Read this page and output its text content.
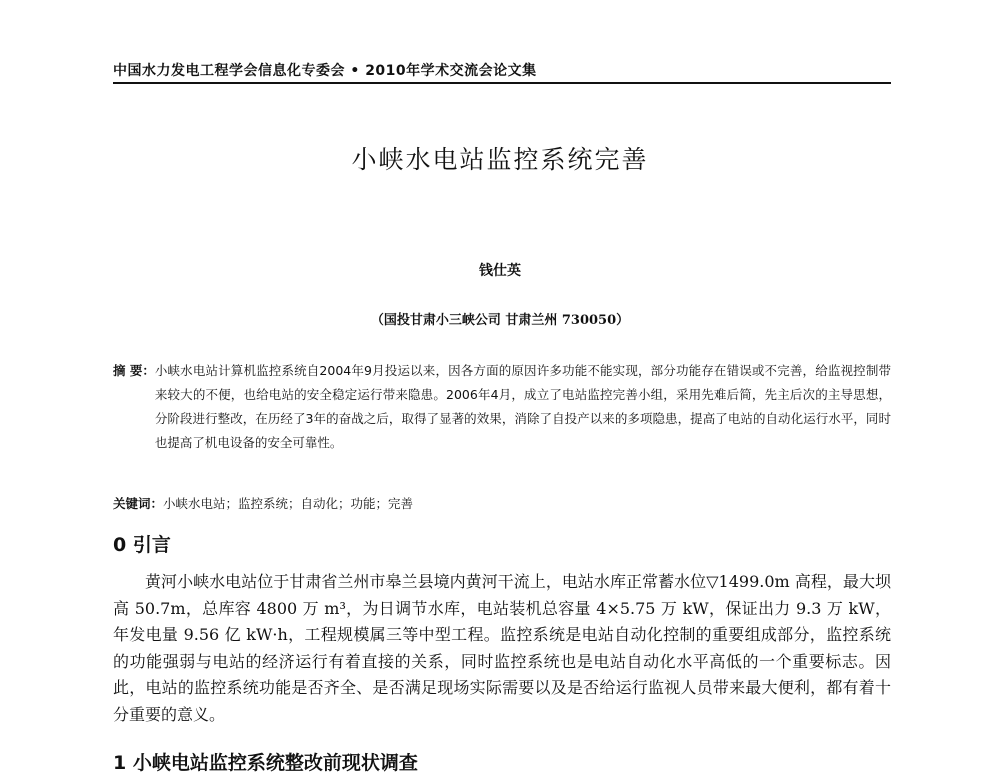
中国水力发电工程学会信息化专委会 • 2010年学术交流会论文集
小峡水电站监控系统完善
钱仕英
（国投甘肃小三峡公司 甘肃兰州 730050）
摘 要： 小峡水电站计算机监控系统自2004年9月投运以来，因各方面的原因许多功能不能实现，部分功能存在错误或不完善，给监视控制带来较大的不便，也给电站的安全稳定运行带来隐患。2006年4月，成立了电站监控完善小组，采用先难后简，先主后次的主导思想，分阶段进行整改，在历经了3年的奋战之后，取得了显著的效果，消除了自投产以来的多项隐患，提高了电站的自动化运行水平，同时也提高了机电设备的安全可靠性。
关键词：小峡水电站；监控系统；自动化；功能；完善
0 引言
黄河小峡水电站位于甘肃省兰州市皋兰县境内黄河干流上，电站水库正常蓄水位▽1499.0m 高程，最大坝高 50.7m，总库容 4800 万 m³，为日调节水库，电站装机总容量 4×5.75 万 kW，保证出力 9.3 万 kW，年发电量 9.56 亿 kW·h，工程规模属三等中型工程。监控系统是电站自动化控制的重要组成部分，监控系统的功能强弱与电站的经济运行有着直接的关系，同时监控系统也是电站自动化水平高低的一个重要标志。因此，电站的监控系统功能是否齐全、是否满足现场实际需要以及是否给运行监视人员带来最大便利，都有着十分重要的意义。
1 小峡电站监控系统整改前现状调查
